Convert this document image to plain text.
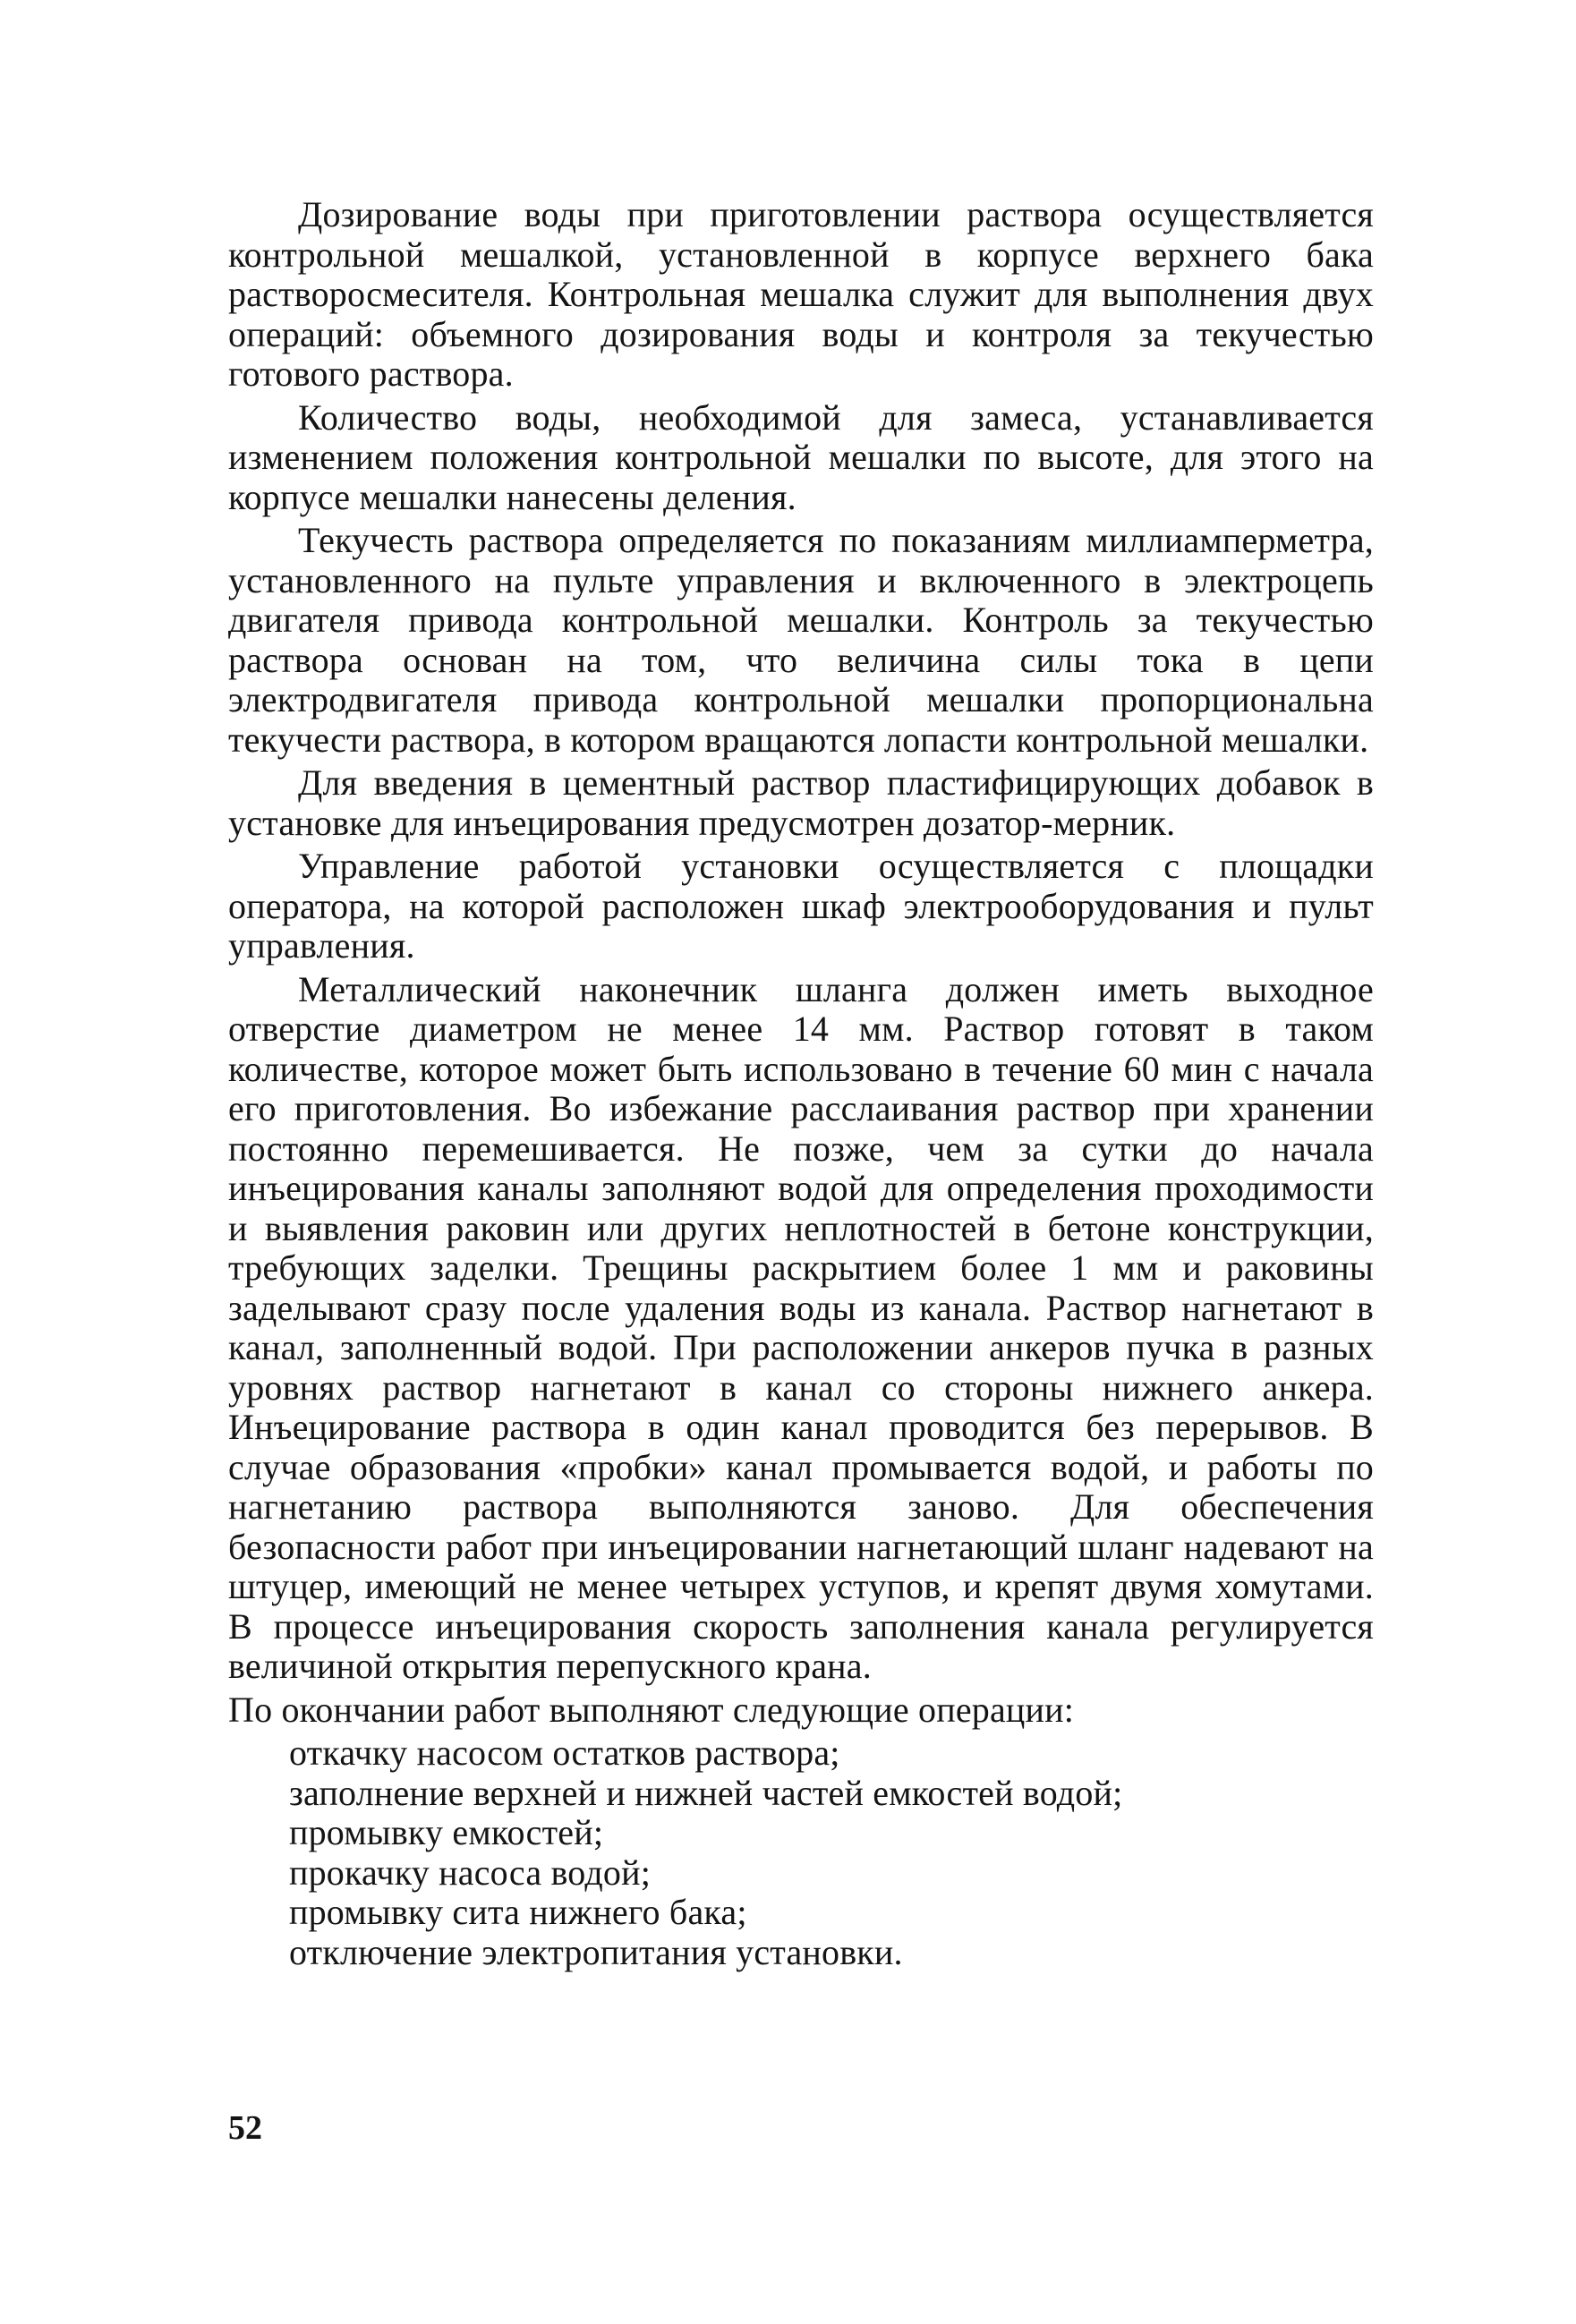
Дозирование воды при приготовлении раствора осуществляется контрольной мешалкой, установленной в корпусе верхнего бака растворосмесителя. Контрольная мешалка служит для выполнения двух операций: объемного дозирования воды и контроля за текучестью готового раствора.

Количество воды, необходимой для замеса, устанавливается изменением положения контрольной мешалки по высоте, для этого на корпусе мешалки нанесены деления.

Текучесть раствора определяется по показаниям миллиамперметра, установленного на пульте управления и включенного в электроцепь двигателя привода контрольной мешалки. Контроль за текучестью раствора основан на том, что величина силы тока в цепи электродвигателя привода контрольной мешалки пропорциональна текучести раствора, в котором вращаются лопасти контрольной мешалки.

Для введения в цементный раствор пластифицирующих добавок в установке для инъецирования предусмотрен дозатор-мерник.

Управление работой установки осуществляется с площадки оператора, на которой расположен шкаф электрооборудования и пульт управления.

Металлический наконечник шланга должен иметь выходное отверстие диаметром не менее 14 мм. Раствор готовят в таком количестве, которое может быть использовано в течение 60 мин с начала его приготовления. Во избежание расслаивания раствор при хранении постоянно перемешивается. Не позже, чем за сутки до начала инъецирования каналы заполняют водой для определения проходимости и выявления раковин или других неплотностей в бетоне конструкции, требующих заделки. Трещины раскрытием более 1 мм и раковины заделывают сразу после удаления воды из канала. Раствор нагнетают в канал, заполненный водой. При расположении анкеров пучка в разных уровнях раствор нагнетают в канал со стороны нижнего анкера. Инъецирование раствора в один канал проводится без перерывов. В случае образования «пробки» канал промывается водой, и работы по нагнетанию раствора выполняются заново. Для обеспечения безопасности работ при инъецировании нагнетающий шланг надевают на штуцер, имеющий не менее четырех уступов, и крепят двумя хомутами. В процессе инъецирования скорость заполнения канала регулируется величиной открытия перепускного крана.

По окончании работ выполняют следующие операции:

откачку насосом остатков раствора;
заполнение верхней и нижней частей емкостей водой;
промывку емкостей;
прокачку насоса водой;
промывку сита нижнего бака;
отключение электропитания установки.
52
